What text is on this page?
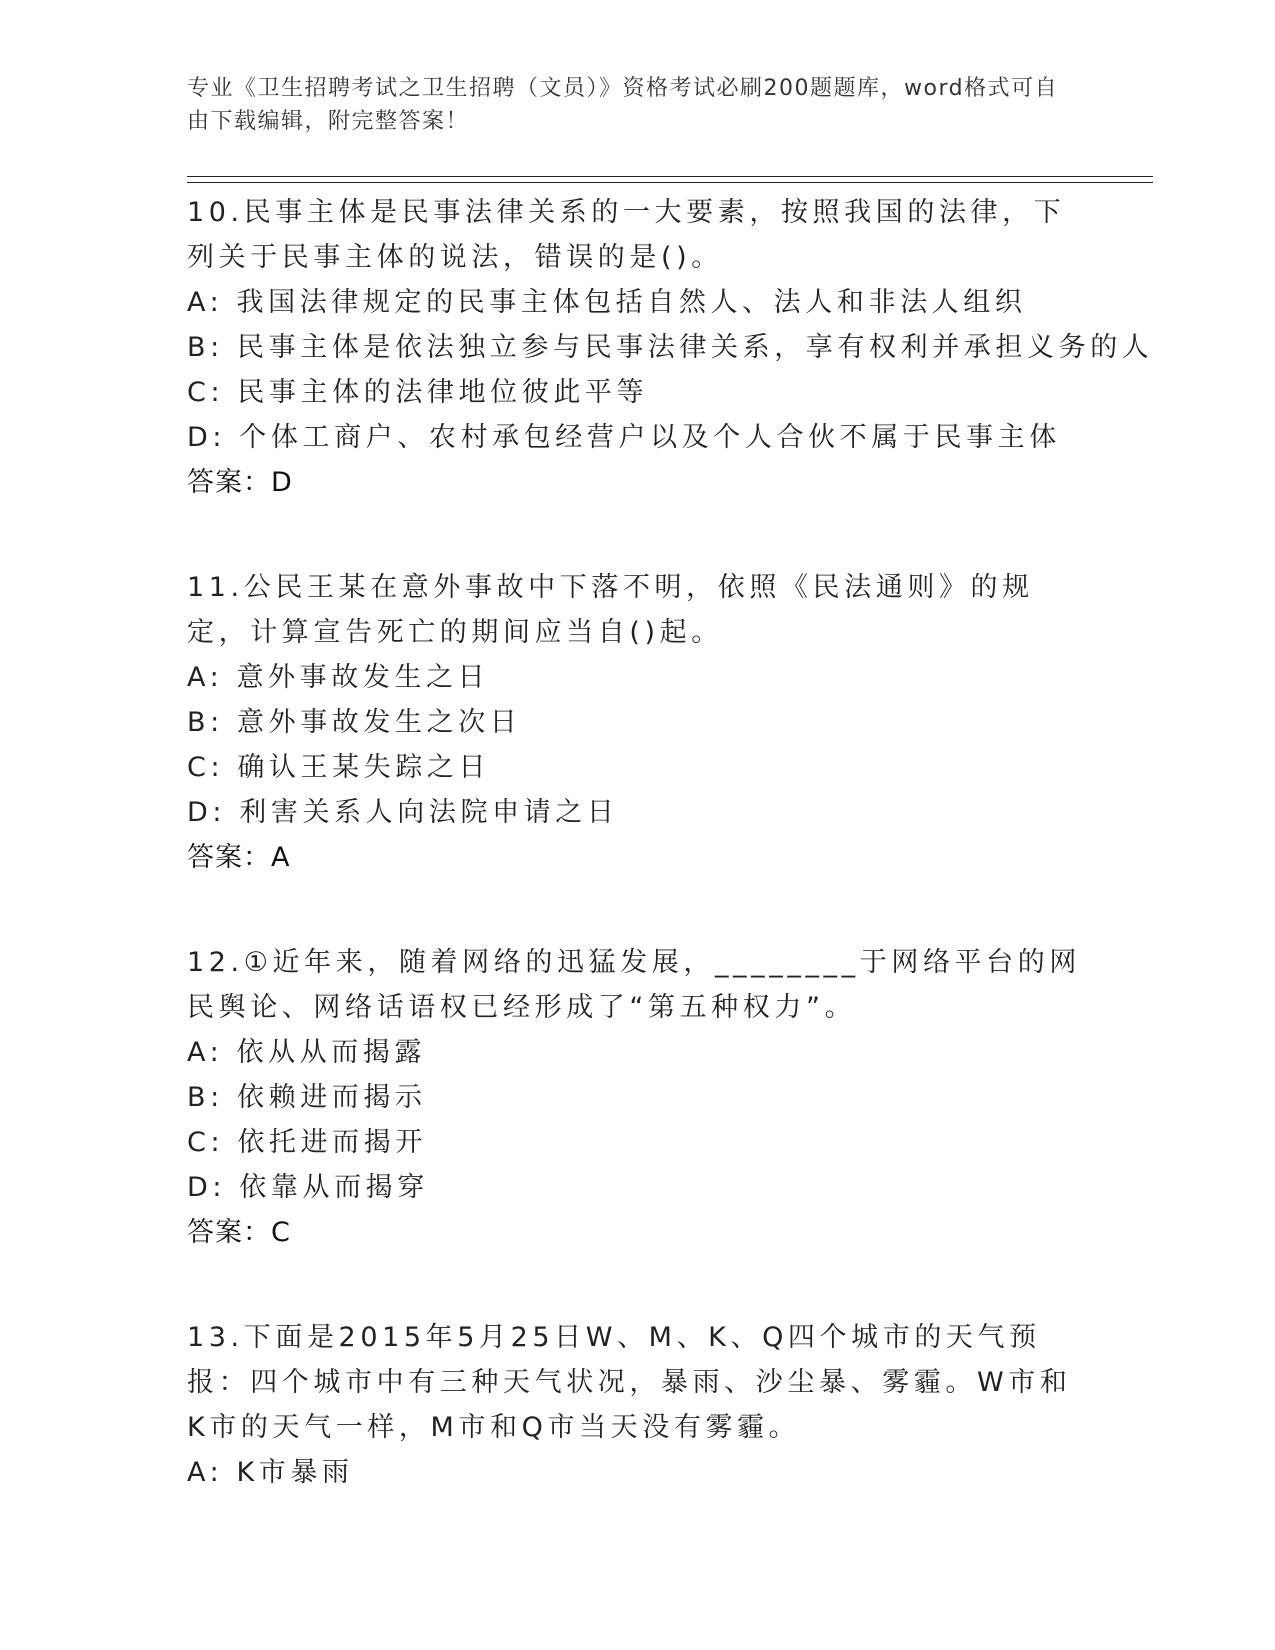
专业《卫生招聘考试之卫生招聘（文员）》资格考试必刷200题题库，word格式可自由下载编辑，附完整答案！
10.民事主体是民事法律关系的一大要素，按照我国的法律，下列关于民事主体的说法，错误的是()。
A: 我国法律规定的民事主体包括自然人、法人和非法人组织
B: 民事主体是依法独立参与民事法律关系，享有权利并承担义务的人
C: 民事主体的法律地位彼此平等
D: 个体工商户、农村承包经营户以及个人合伙不属于民事主体
答案：D
11.公民王某在意外事故中下落不明，依照《民法通则》的规定，计算宣告死亡的期间应当自()起。
A: 意外事故发生之日
B: 意外事故发生之次日
C: 确认王某失踪之日
D: 利害关系人向法院申请之日
答案：A
12.①近年来，随着网络的迅猛发展，________于网络平台的网民舆论、网络话语权已经形成了“第五种权力”。
A: 依从从而揭露
B: 依赖进而揭示
C: 依托进而揭开
D: 依靠从而揭穿
答案：C
13.下面是2015年5月25日W、M、K、Q四个城市的天气预报：四个城市中有三种天气状况，暴雨、沙尘暴、雾霾。W市和K市的天气一样，M市和Q市当天没有雾霾。
A: K市暴雨
